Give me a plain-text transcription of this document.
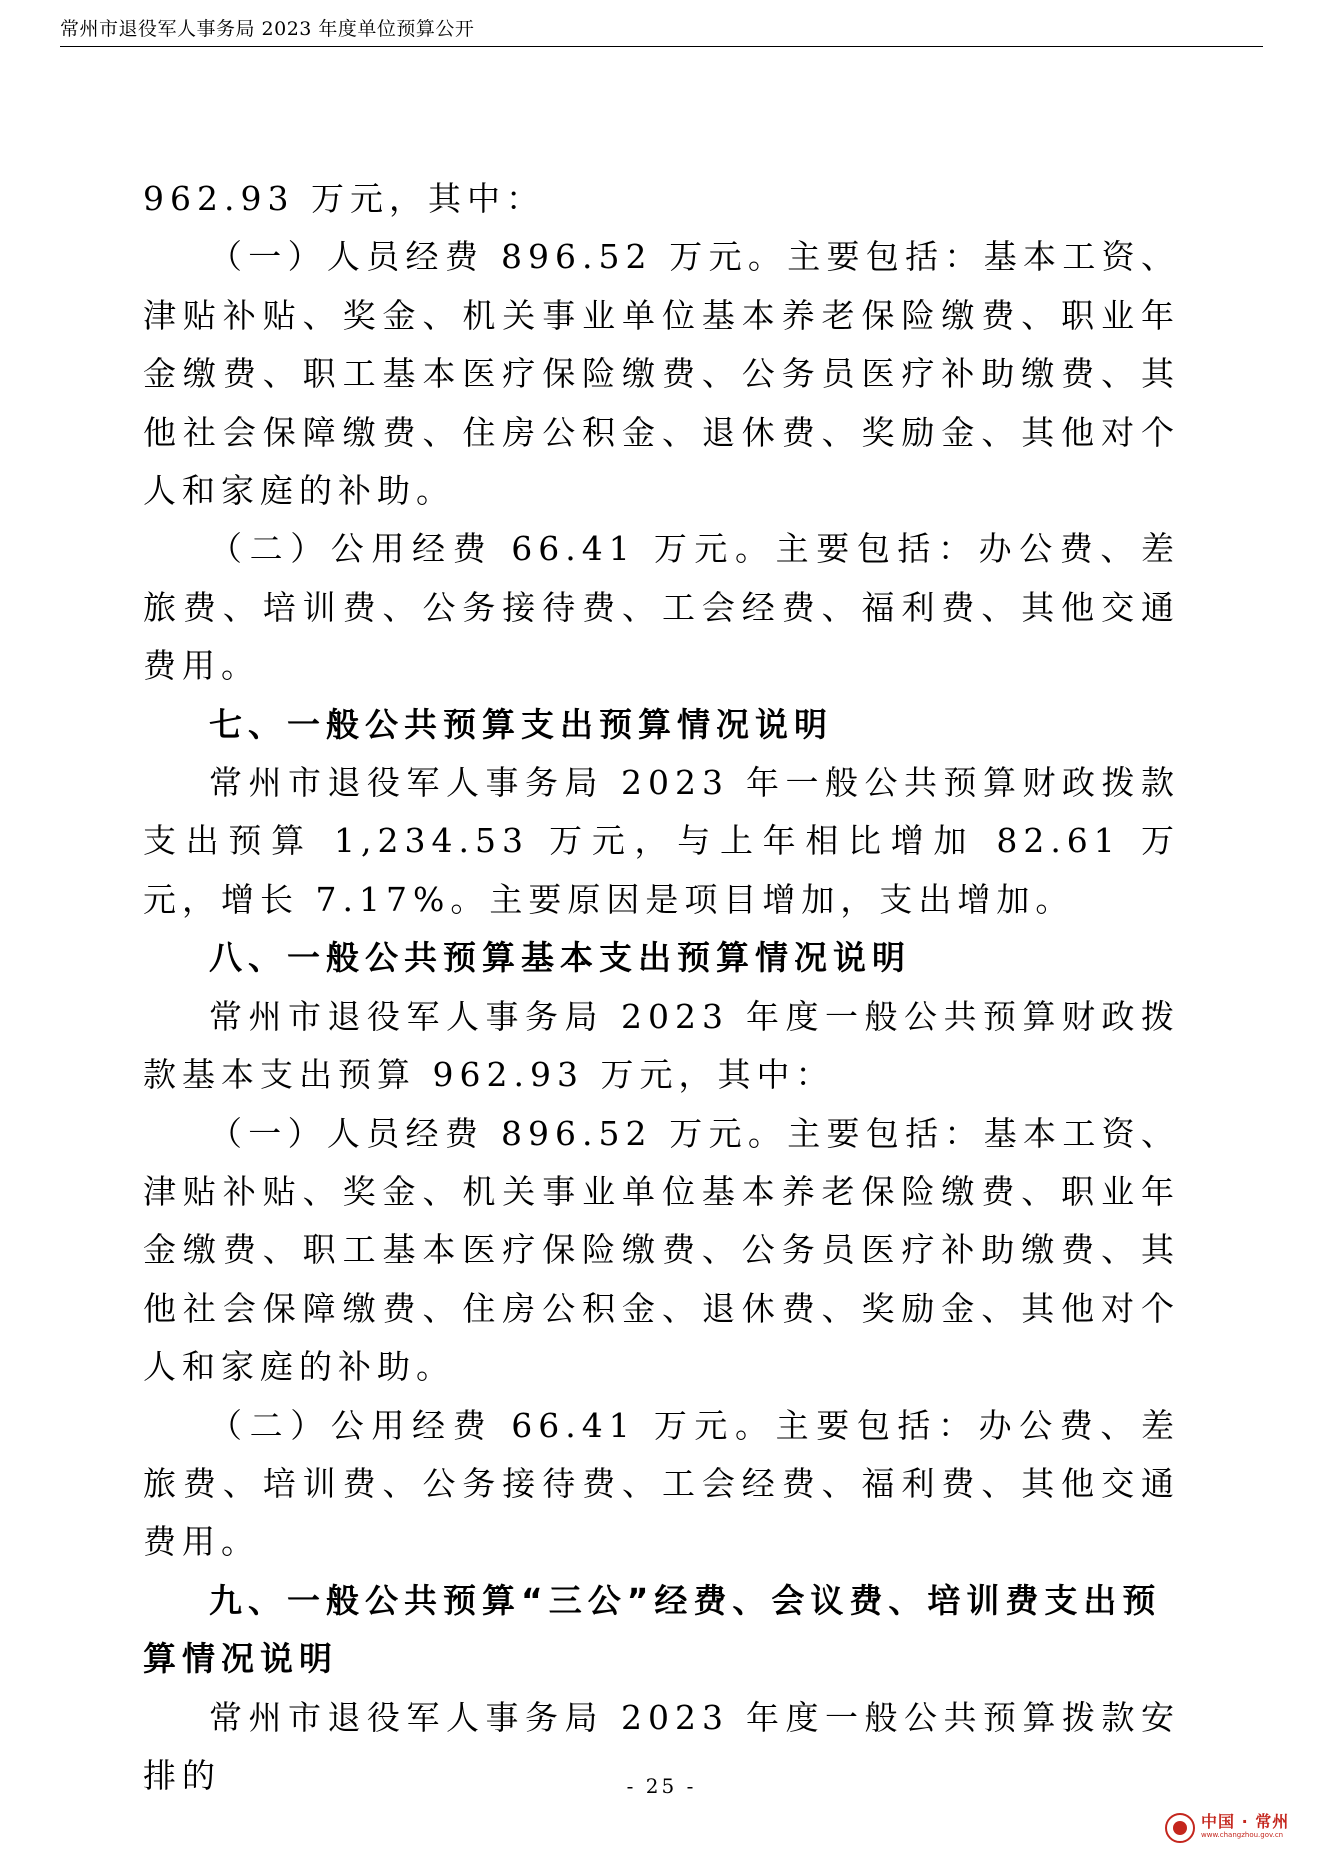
常州市退役军人事务局 2023 年度单位预算公开

962.93 万元，其中：

（一）人员经费 896.52 万元。主要包括：基本工资、津贴补贴、奖金、机关事业单位基本养老保险缴费、职业年金缴费、职工基本医疗保险缴费、公务员医疗补助缴费、其他社会保障缴费、住房公积金、退休费、奖励金、其他对个人和家庭的补助。

（二）公用经费 66.41 万元。主要包括：办公费、差旅费、培训费、公务接待费、工会经费、福利费、其他交通费用。

七、一般公共预算支出预算情况说明

常州市退役军人事务局 2023 年一般公共预算财政拨款支出预算 1,234.53 万元，与上年相比增加 82.61 万元，增长 7.17%。主要原因是项目增加，支出增加。

八、一般公共预算基本支出预算情况说明

常州市退役军人事务局 2023 年度一般公共预算财政拨款基本支出预算 962.93 万元，其中：

（一）人员经费 896.52 万元。主要包括：基本工资、津贴补贴、奖金、机关事业单位基本养老保险缴费、职业年金缴费、职工基本医疗保险缴费、公务员医疗补助缴费、其他社会保障缴费、住房公积金、退休费、奖励金、其他对个人和家庭的补助。

（二）公用经费 66.41 万元。主要包括：办公费、差旅费、培训费、公务接待费、工会经费、福利费、其他交通费用。

九、一般公共预算“三公”经费、会议费、培训费支出预算情况说明

常州市退役军人事务局 2023 年度一般公共预算拨款安排的	- 25 -
中国 · 常州
www.changzhou.gov.cn
